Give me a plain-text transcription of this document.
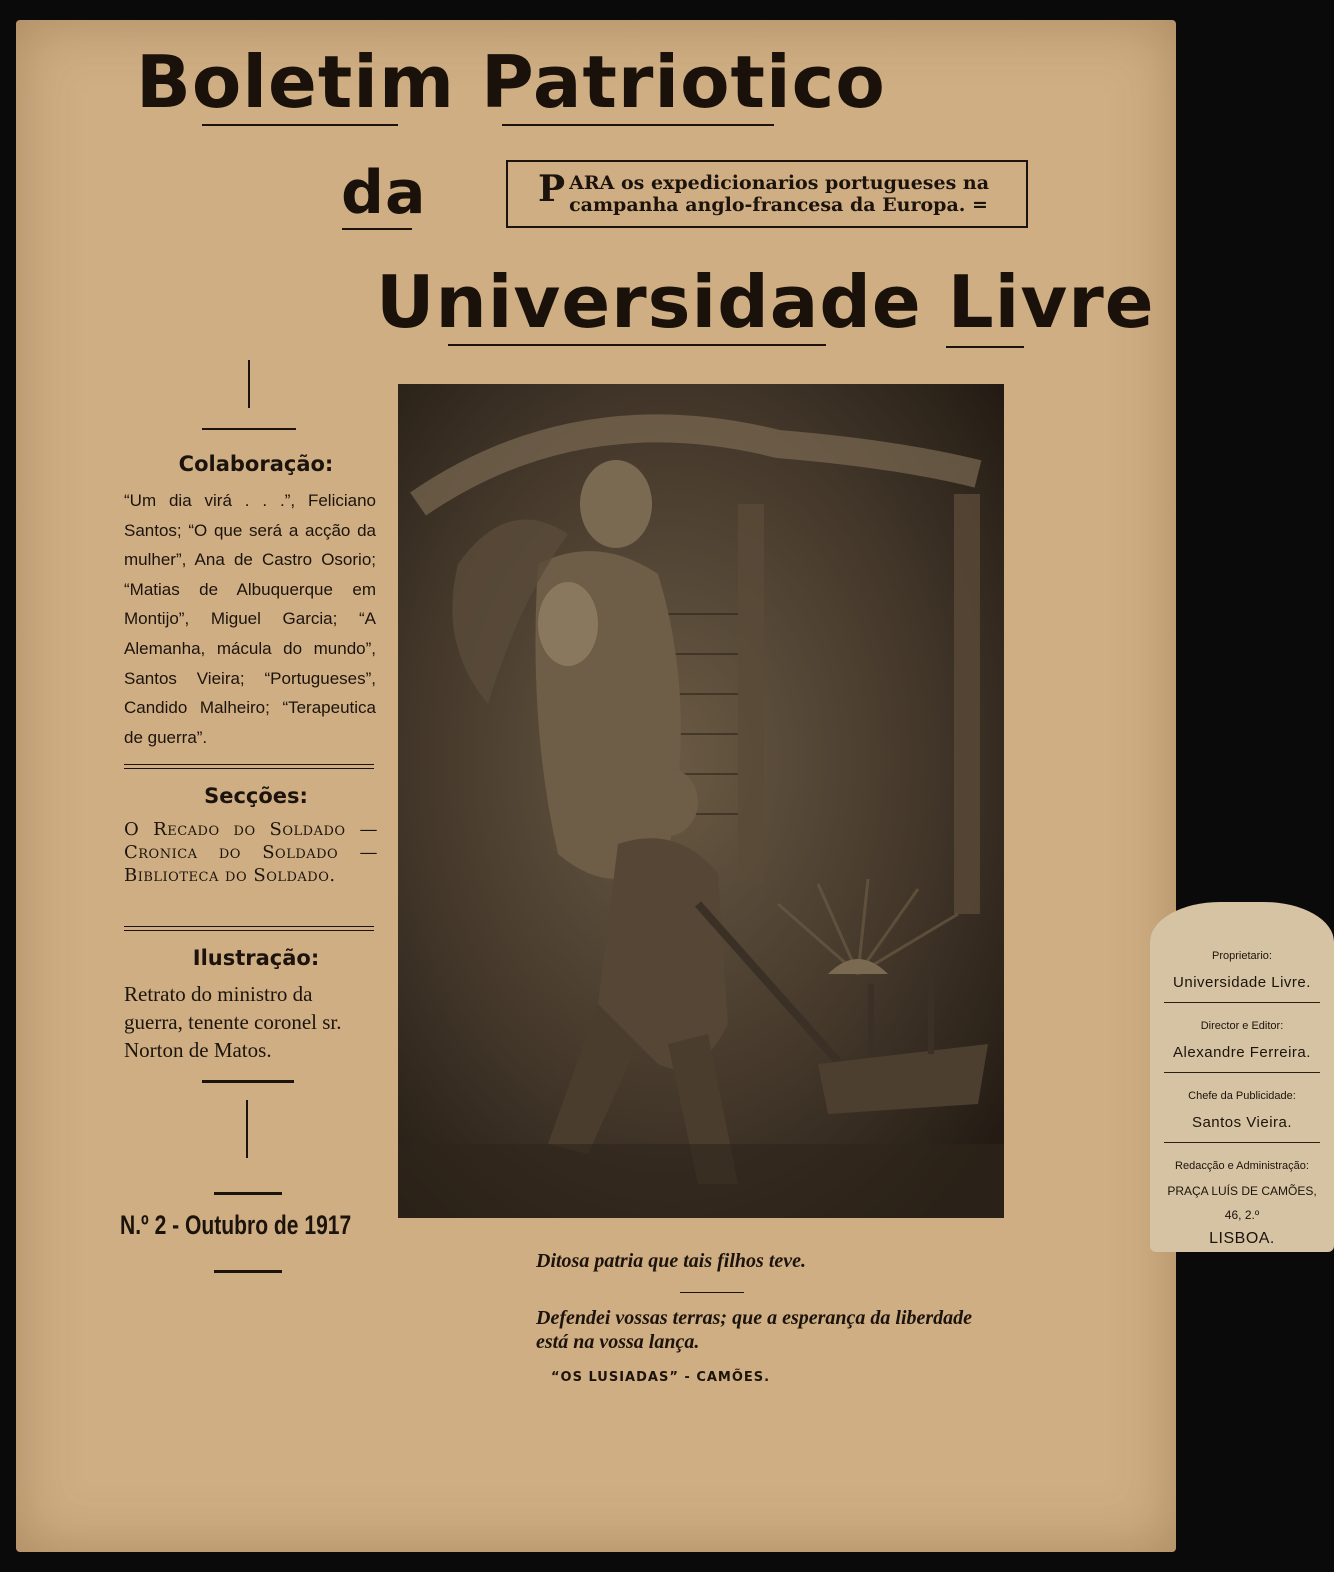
Boletim Patriotico
da	PARA os expedicionarios portugueses na campanha anglo-francesa da Europa. =
Universidade Livre
Colaboração:
“Um dia virá . . .”, Feliciano Santos; “O que será a acção da mulher”, Ana de Castro Osorio; “Matias de Albuquerque em Montijo”, Miguel Garcia; “A Alemanha, mácula do mundo”, Santos Vieira; “Portugueses”, Candido Malheiro; “Terapeutica de guerra”.
Secções:
O Recado do Soldado — Cronica do Soldado — Biblioteca do Soldado.
Ilustração:
Retrato do ministro da guerra, tenente coronel sr. Norton de Matos.
N.º 2 - Outubro de 1917
Proprietario:
Universidade Livre.
Director e Editor:
Alexandre Ferreira.
Chefe da Publicidade:
Santos Vieira.
Redacção e Administração:
PRAÇA LUÍS DE CAMÕES,
46, 2.º
LISBOA.
Ditosa patria que tais filhos teve.
Defendei vossas terras; que a esperança da liberdade está na vossa lança.
“OS LUSIADAS” - CAMÕES.
